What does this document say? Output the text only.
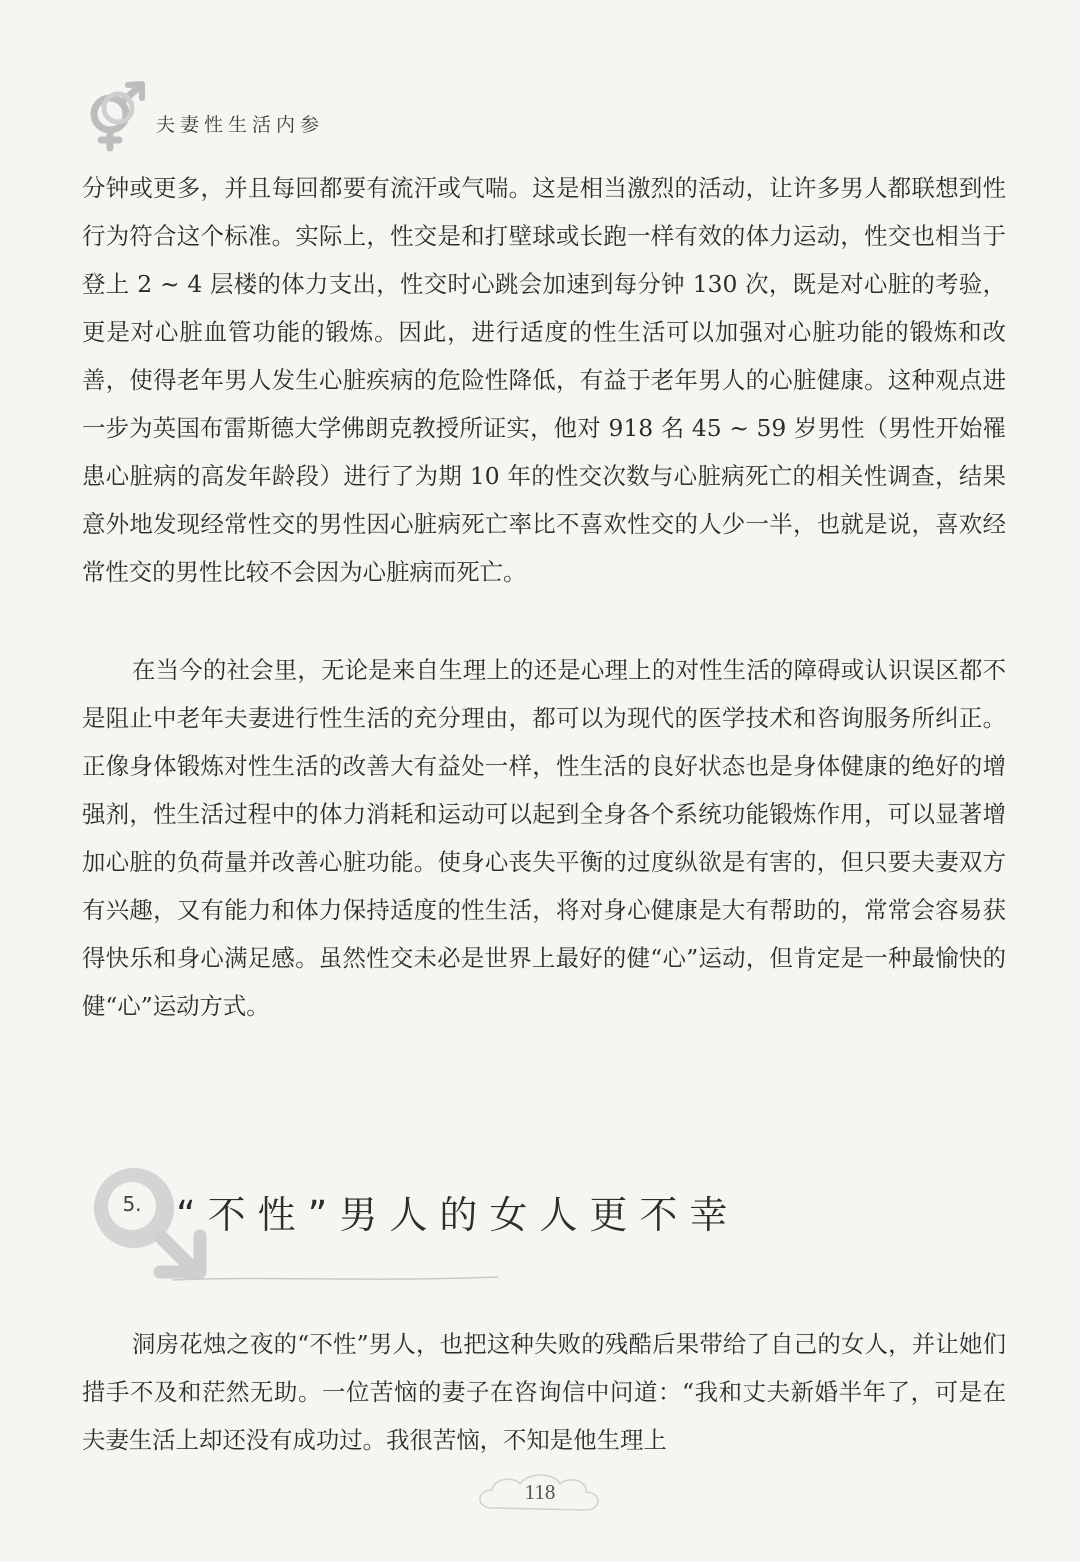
夫妻性生活内参

分钟或更多，并且每回都要有流汗或气喘。这是相当激烈的活动，让许多男人都联想到性行为符合这个标准。实际上，性交是和打壁球或长跑一样有效的体力运动，性交也相当于登上 2 ~ 4 层楼的体力支出，性交时心跳会加速到每分钟 130 次，既是对心脏的考验，更是对心脏血管功能的锻炼。因此，进行适度的性生活可以加强对心脏功能的锻炼和改善，使得老年男人发生心脏疾病的危险性降低，有益于老年男人的心脏健康。这种观点进一步为英国布雷斯德大学佛朗克教授所证实，他对 918 名 45 ~ 59 岁男性（男性开始罹患心脏病的高发年龄段）进行了为期 10 年的性交次数与心脏病死亡的相关性调查，结果意外地发现经常性交的男性因心脏病死亡率比不喜欢性交的人少一半，也就是说，喜欢经常性交的男性比较不会因为心脏病而死亡。

在当今的社会里，无论是来自生理上的还是心理上的对性生活的障碍或认识误区都不是阻止中老年夫妻进行性生活的充分理由，都可以为现代的医学技术和咨询服务所纠正。正像身体锻炼对性生活的改善大有益处一样，性生活的良好状态也是身体健康的绝好的增强剂，性生活过程中的体力消耗和运动可以起到全身各个系统功能锻炼作用，可以显著增加心脏的负荷量并改善心脏功能。使身心丧失平衡的过度纵欲是有害的，但只要夫妻双方有兴趣，又有能力和体力保持适度的性生活，将对身心健康是大有帮助的，常常会容易获得快乐和身心满足感。虽然性交未必是世界上最好的健“心”运动，但肯定是一种最愉快的健“心”运动方式。

5. “不性”男人的女人更不幸

洞房花烛之夜的“不性”男人，也把这种失败的残酷后果带给了自己的女人，并让她们措手不及和茫然无助。一位苦恼的妻子在咨询信中问道：“我和丈夫新婚半年了，可是在夫妻生活上却还没有成功过。我很苦恼，不知是他生理上

118
